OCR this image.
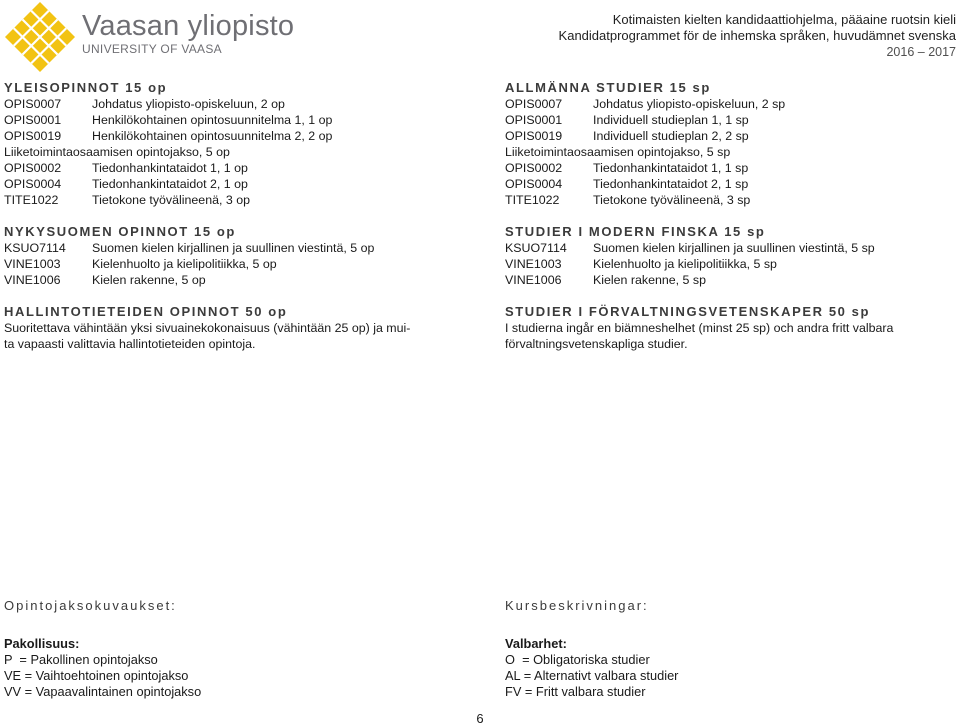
Vaasan yliopisto
UNIVERSITY OF VAASA
Kotimaisten kielten kandidaattiohjelma, pääaine ruotsin kieli
Kandidatprogrammet för de inhemska språken, huvudämnet svenska
2016 – 2017

YLEISOPINNOT 15 op

OPIS0007	Johdatus yliopisto-opiskeluun, 2 op
OPIS0001	Henkilökohtainen opintosuunnitelma 1, 1 op
OPIS0019	Henkilökohtainen opintosuunnitelma 2, 2 op
Liiketoimintaosaamisen opintojakso, 5 op
OPIS0002	Tiedonhankintataidot 1, 1 op
OPIS0004	Tiedonhankintataidot 2, 1 op
TITE1022	Tietokone työvälineenä, 3 op

NYKYSUOMEN OPINNOT 15 op

KSUO7114	Suomen kielen kirjallinen ja suullinen viestintä, 5 op
VINE1003	Kielenhuolto ja kielipolitiikka, 5 op
VINE1006	Kielen rakenne, 5 op

HALLINTOTIETEIDEN OPINNOT 50 op

Suoritettava vähintään yksi sivuainekokonaisuus (vähintään 25 op) ja mui-

ta vapaasti valittavia hallintotieteiden opintoja.

ALLMÄNNA STUDIER 15 sp

OPIS0007	Johdatus yliopisto-opiskeluun, 2 sp
OPIS0001	Individuell studieplan 1, 1 sp
OPIS0019	Individuell studieplan 2, 2 sp
Liiketoimintaosaamisen opintojakso, 5 sp
OPIS0002	Tiedonhankintataidot 1, 1 sp
OPIS0004	Tiedonhankintataidot 2, 1 sp
TITE1022	Tietokone työvälineenä, 3 sp

STUDIER I MODERN FINSKA 15 sp

KSUO7114	Suomen kielen kirjallinen ja suullinen viestintä, 5 sp
VINE1003	Kielenhuolto ja kielipolitiikka, 5 sp
VINE1006	Kielen rakenne, 5 sp

STUDIER I FÖRVALTNINGSVETENSKAPER 50 sp

I studierna ingår en biämneshelhet (minst 25 sp) och andra fritt valbara

förvaltningsvetenskapliga studier.

Opintojaksokuvaukset:

Pakollisuus:

P  = Pakollinen opintojakso

VE = Vaihtoehtoinen opintojakso

VV = Vapaavalintainen opintojakso

Kursbeskrivningar:

Valbarhet:

O  = Obligatoriska studier

AL = Alternativt valbara studier

FV = Fritt valbara studier

6
